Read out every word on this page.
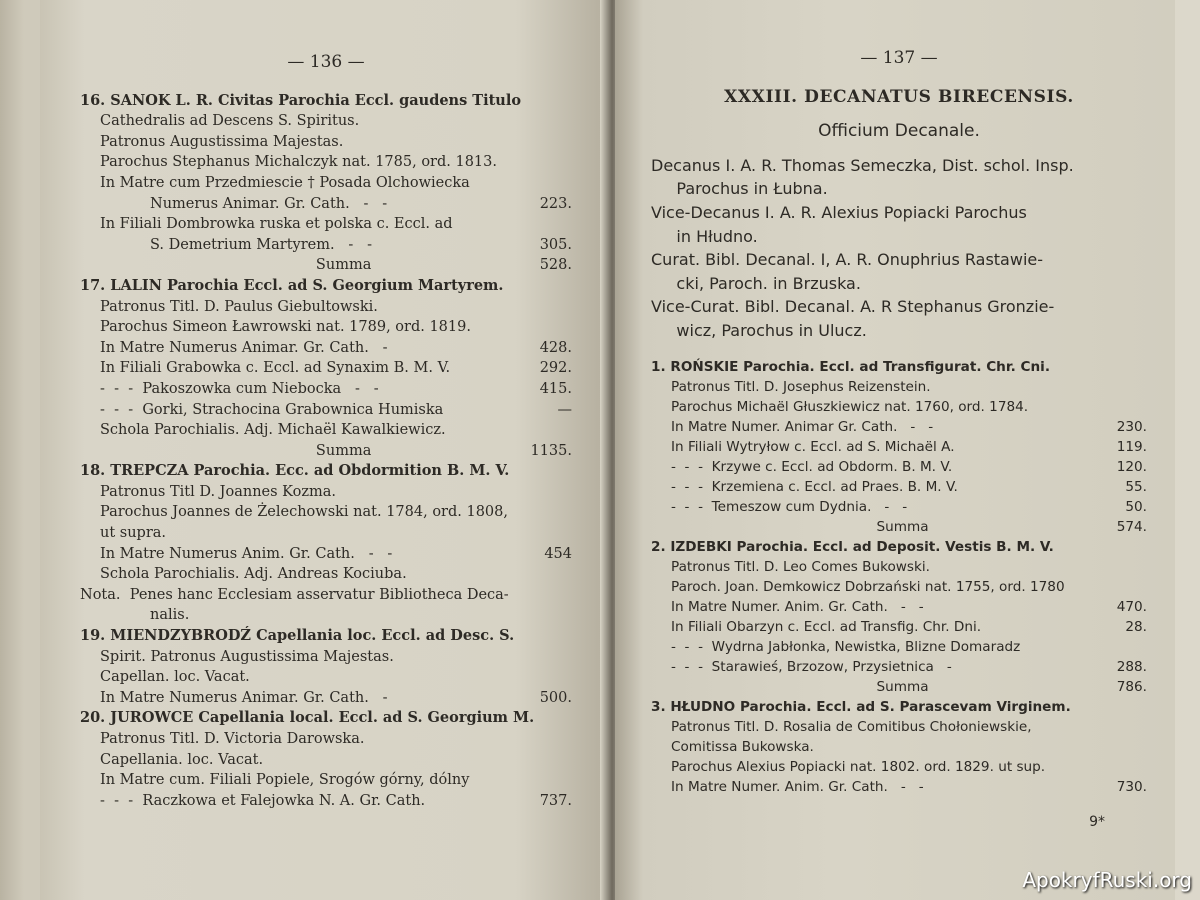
— 136 —
16. SANOK L. R. Civitas Parochia Eccl. gaudens Titulo
Cathedralis ad Descens S. Spiritus.
Patronus Augustissima Majestas.
Parochus Stephanus Michalczyk nat. 1785, ord. 1813.
In Matre cum Przedmiescie † Posada Olchowiecka
Numerus Animar. Gr. Cath.   -   -	223.
In Filiali Dombrowka ruska et polska c. Eccl. ad
S. Demetrium Martyrem.   -   -	305.
Summa	528.
17. LALIN Parochia Eccl. ad S. Georgium Martyrem.
Patronus Titl. D. Paulus Giebultowski.
Parochus Simeon Ławrowski nat. 1789, ord. 1819.
In Matre Numerus Animar. Gr. Cath.   -	428.
In Filiali Grabowka c. Eccl. ad Synaxim B. M. V.	292.
-  -  -  Pakoszowka cum Niebocka   -   -	415.
-  -  -  Gorki, Strachocina Grabownica Humiska	—
Schola Parochialis. Adj. Michaël Kawalkiewicz.
Summa	1135.
18. TREPCZA Parochia. Ecc. ad Obdormition B. M. V.
Patronus Titl D. Joannes Kozma.
Parochus Joannes de Żelechowski nat. 1784, ord. 1808,
ut supra.
In Matre Numerus Anim. Gr. Cath.   -   -	454
Schola Parochialis. Adj. Andreas Kociuba.
Nota.  Penes hanc Ecclesiam asservatur Bibliotheca Deca-
nalis.
19. MIENDZYBRODŹ Capellania loc. Eccl. ad Desc. S.
Spirit. Patronus Augustissima Majestas.
Capellan. loc. Vacat.
In Matre Numerus Animar. Gr. Cath.   -	500.
20. JUROWCE Capellania local. Eccl. ad S. Georgium M.
Patronus Titl. D. Victoria Darowska.
Capellania. loc. Vacat.
In Matre cum. Filiali Popiele, Srogów górny, dólny
-  -  -  Raczkowa et Falejowka N. A. Gr. Cath.	737.
— 137 —
XXXIII. DECANATUS BIRECENSIS.
Officium Decanale.
Decanus I. A. R. Thomas Semeczka, Dist. schol. Insp.
Parochus in Łubna.
Vice-Decanus I. A. R. Alexius Popiacki Parochus
in Hłudno.
Curat. Bibl. Decanal. I, A. R. Onuphrius Rastawie-
cki, Paroch. in Brzuska.
Vice-Curat. Bibl. Decanal. A. R Stephanus Gronzie-
wicz, Parochus in Ulucz.
1. ROŃSKIE Parochia. Eccl. ad Transfigurat. Chr. Cni.
Patronus Titl. D. Josephus Reizenstein.
Parochus Michaël Głuszkiewicz nat. 1760, ord. 1784.
In Matre Numer. Animar Gr. Cath.   -   -	230.
In Filiali Wytryłow c. Eccl. ad S. Michaël A.	119.
-  -  -  Krzywe c. Eccl. ad Obdorm. B. M. V.	120.
-  -  -  Krzemiena c. Eccl. ad Praes. B. M. V.	55.
-  -  -  Temeszow cum Dydnia.   -   -	50.
Summa	574.
2. IZDEBKI Parochia. Eccl. ad Deposit. Vestis B. M. V.
Patronus Titl. D. Leo Comes Bukowski.
Paroch. Joan. Demkowicz Dobrzański nat. 1755, ord. 1780
In Matre Numer. Anim. Gr. Cath.   -   -	470.
In Filiali Obarzyn c. Eccl. ad Transfig. Chr. Dni.	28.
-  -  -  Wydrna Jabłonka, Newistka, Blizne Domaradz
-  -  -  Starawieś, Brzozow, Przysietnica   -	288.
Summa	786.
3. HŁUDNO Parochia. Eccl. ad S. Parascevam Virginem.
Patronus Titl. D. Rosalia de Comitibus Chołoniewskie,
Comitissa Bukowska.
Parochus Alexius Popiacki nat. 1802. ord. 1829. ut sup.
In Matre Numer. Anim. Gr. Cath.   -   -	730.
9*
ApokryfRuski.org
